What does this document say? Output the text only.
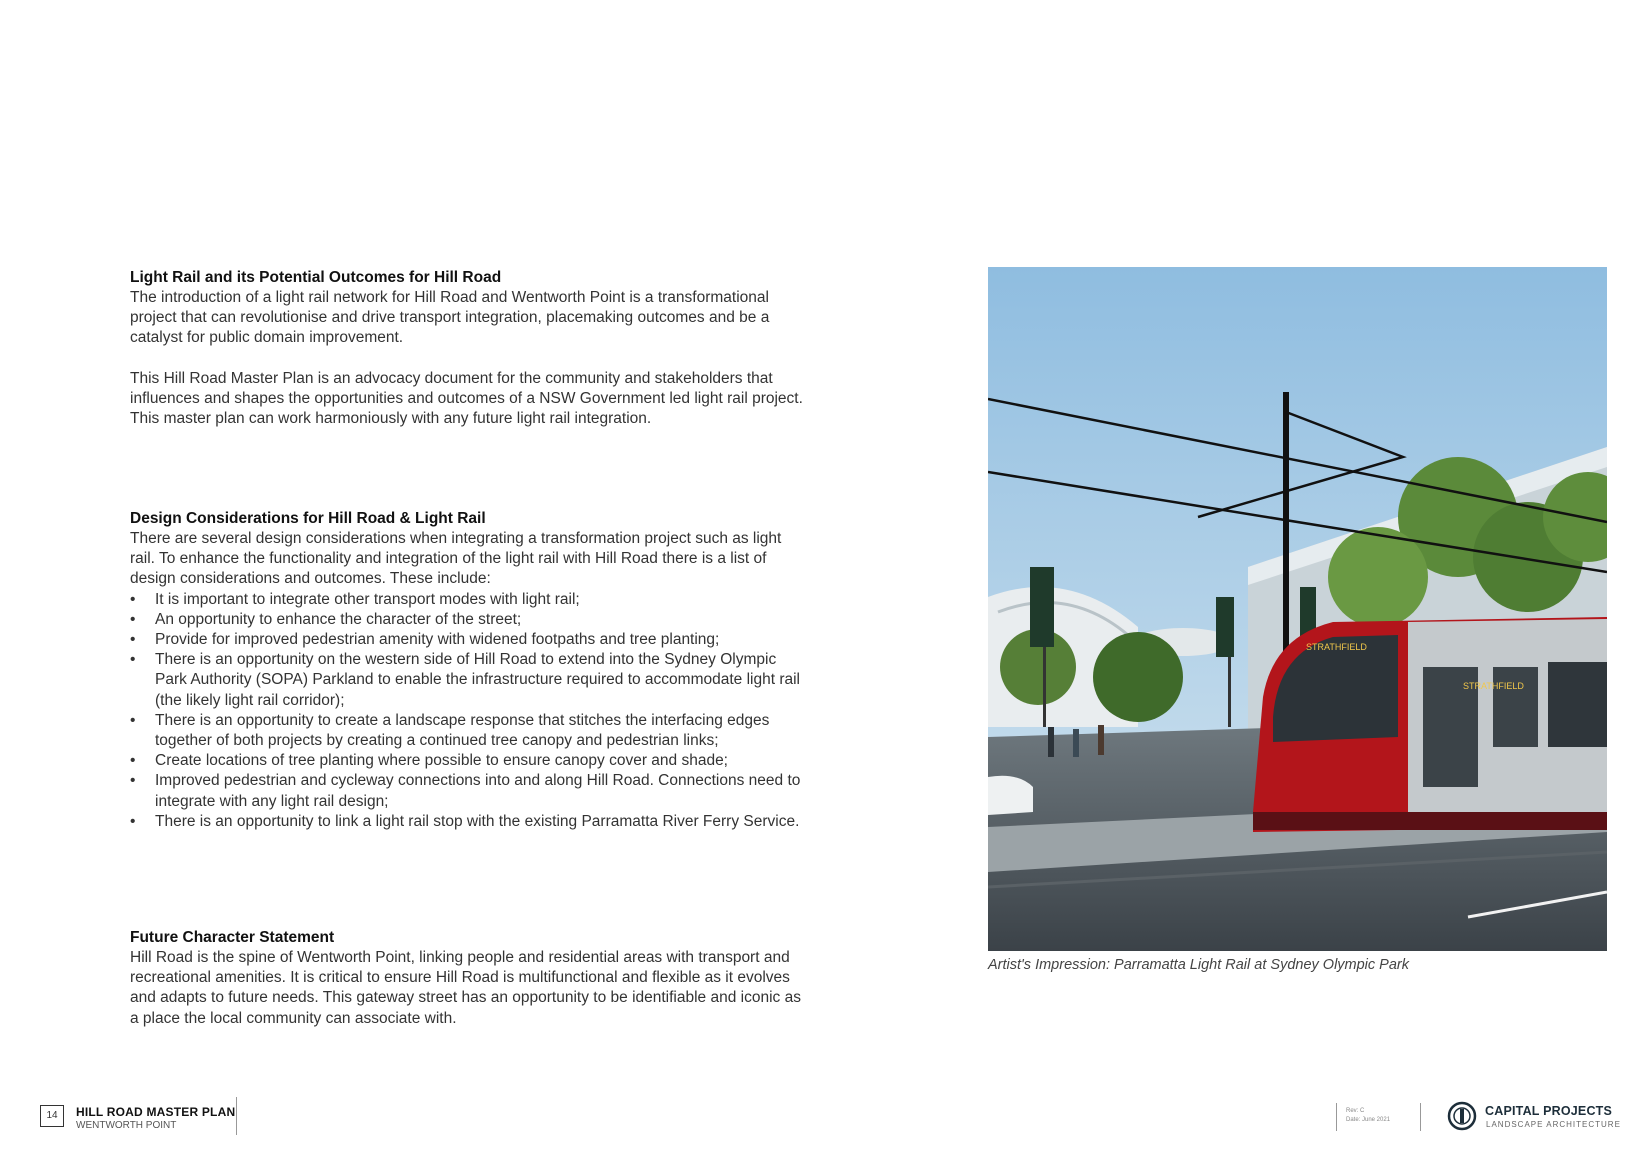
Light Rail and its Potential Outcomes for Hill Road

The introduction of a light rail network for Hill Road and Wentworth Point is a transformational project that can revolutionise and drive transport integration, placemaking outcomes and be a catalyst for public domain improvement.

This Hill Road Master Plan is an advocacy document for the community and stakeholders that influences and shapes the opportunities and outcomes of a NSW Government led light rail project. This master plan can work harmoniously with any future light rail integration.

Design Considerations for Hill Road & Light Rail

There are several design considerations when integrating a transformation project such as light rail. To enhance the functionality and integration of the light rail with Hill Road there is a list of design considerations and outcomes. These include:

• It is important to integrate other transport modes with light rail;
• An opportunity to enhance the character of the street;
• Provide for improved pedestrian amenity with widened footpaths and tree planting;
• There is an opportunity on the western side of Hill Road to extend into the Sydney Olympic Park Authority (SOPA) Parkland to enable the infrastructure required to accommodate light rail (the likely light rail corridor);
• There is an opportunity to create a landscape response that stitches the interfacing edges together of both projects by creating a continued tree canopy and pedestrian links;
• Create locations of tree planting where possible to ensure canopy cover and shade;
• Improved pedestrian and cycleway connections into and along Hill Road. Connections need to integrate with any light rail design;
• There is an opportunity to link a light rail stop with the existing Parramatta River Ferry Service.
Future Character Statement

Hill Road is the spine of Wentworth Point, linking people and residential areas with transport and recreational amenities. It is critical to ensure Hill Road is multifunctional and flexible as it evolves and adapts to future needs. This gateway street has an opportunity to be identifiable and iconic as a place the local community can associate with.

STRATHFIELD
STRATHFIELD
Artist's Impression: Parramatta Light Rail at Sydney Olympic Park
14	HILL ROAD MASTER PLAN
WENTWORTH POINT
Rev: C
Date: June 2021
CAPITAL PROJECTS
LANDSCAPE ARCHITECTURE
